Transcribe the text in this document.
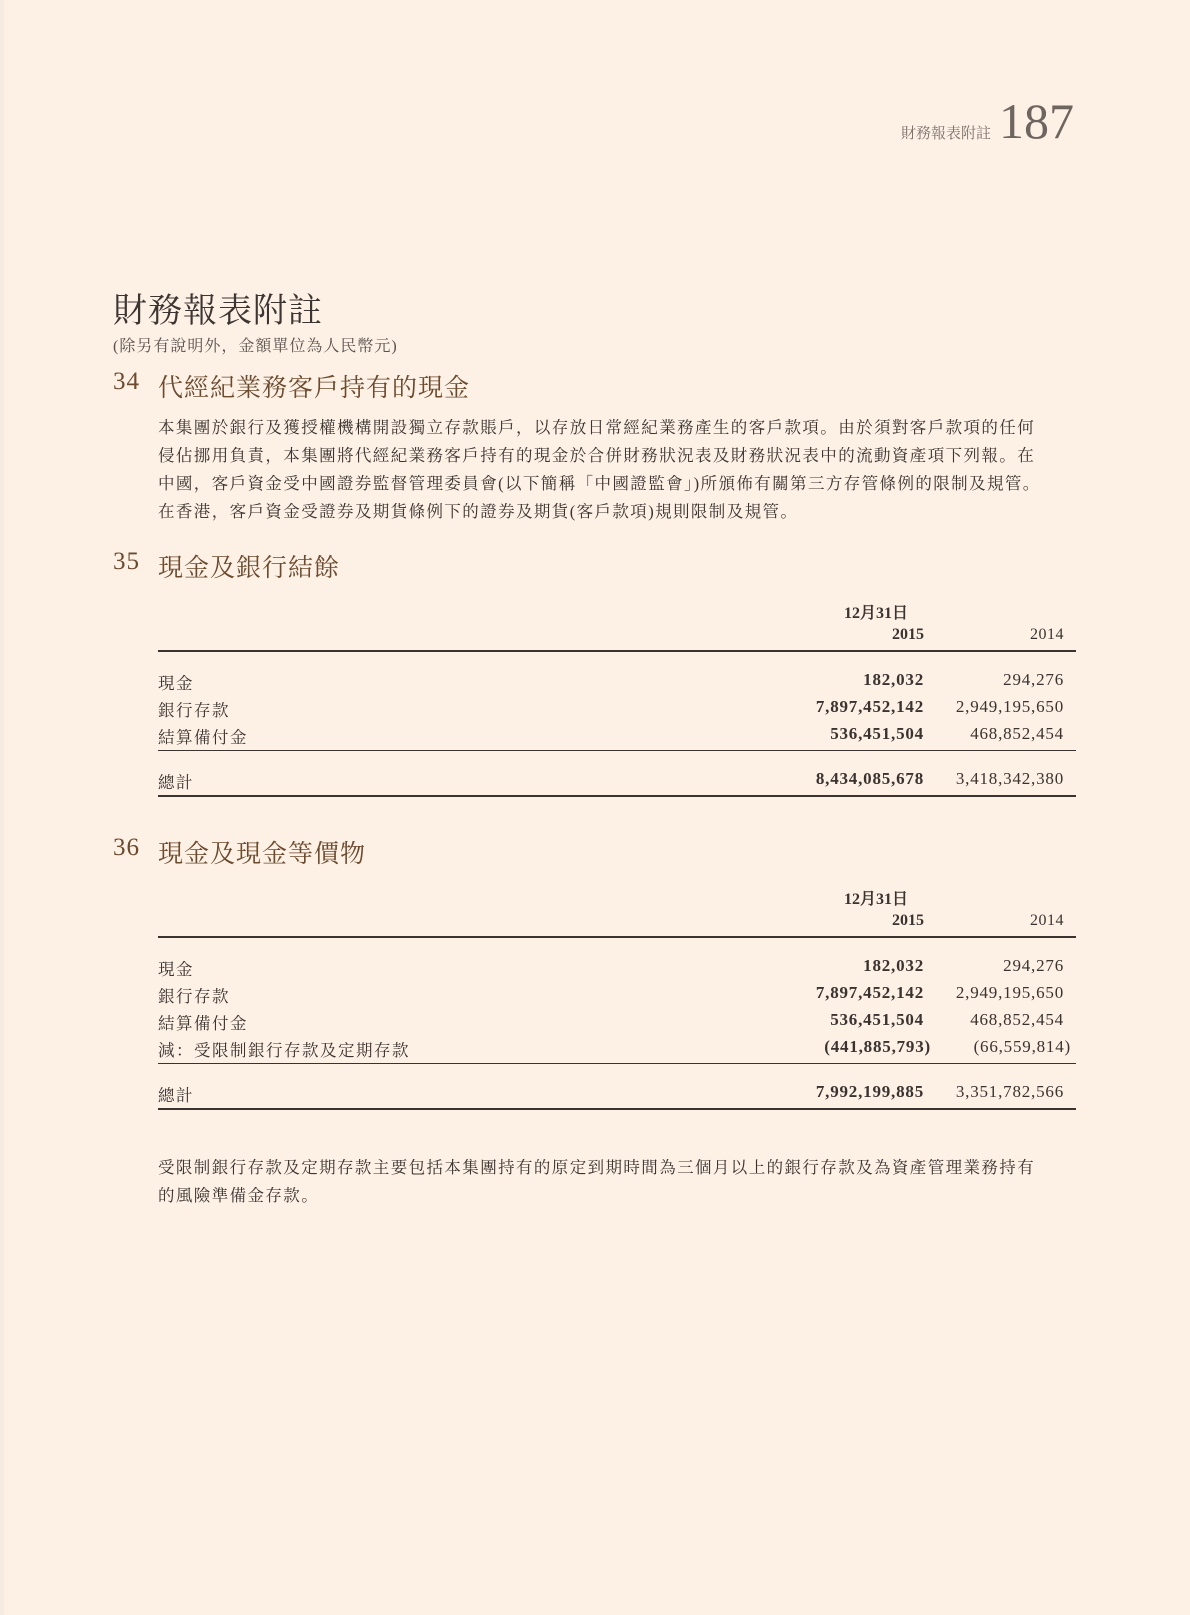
財務報表附註 187
財務報表附註
(除另有說明外，金額單位為人民幣元)
34 代經紀業務客戶持有的現金
本集團於銀行及獲授權機構開設獨立存款賬戶，以存放日常經紀業務產生的客戶款項。由於須對客戶款項的任何
侵佔挪用負責，本集團將代經紀業務客戶持有的現金於合併財務狀況表及財務狀況表中的流動資產項下列報。在
中國，客戶資金受中國證券監督管理委員會(以下簡稱「中國證監會」)所頒佈有關第三方存管條例的限制及規管。
在香港，客戶資金受證券及期貨條例下的證券及期貨(客戶款項)規則限制及規管。
35 現金及銀行結餘
12月31日
2015	2014
現金	182,032	294,276
銀行存款	7,897,452,142 2,949,195,650
結算備付金	536,451,504	468,852,454
總計	8,434,085,678 3,418,342,380
36 現金及現金等價物
12月31日
2015	2014
現金	182,032	294,276
銀行存款	7,897,452,142 2,949,195,650
結算備付金	536,451,504	468,852,454
減：受限制銀行存款及定期存款	(441,885,793)	(66,559,814)
總計	7,992,199,885 3,351,782,566
受限制銀行存款及定期存款主要包括本集團持有的原定到期時間為三個月以上的銀行存款及為資產管理業務持有
的風險準備金存款。
